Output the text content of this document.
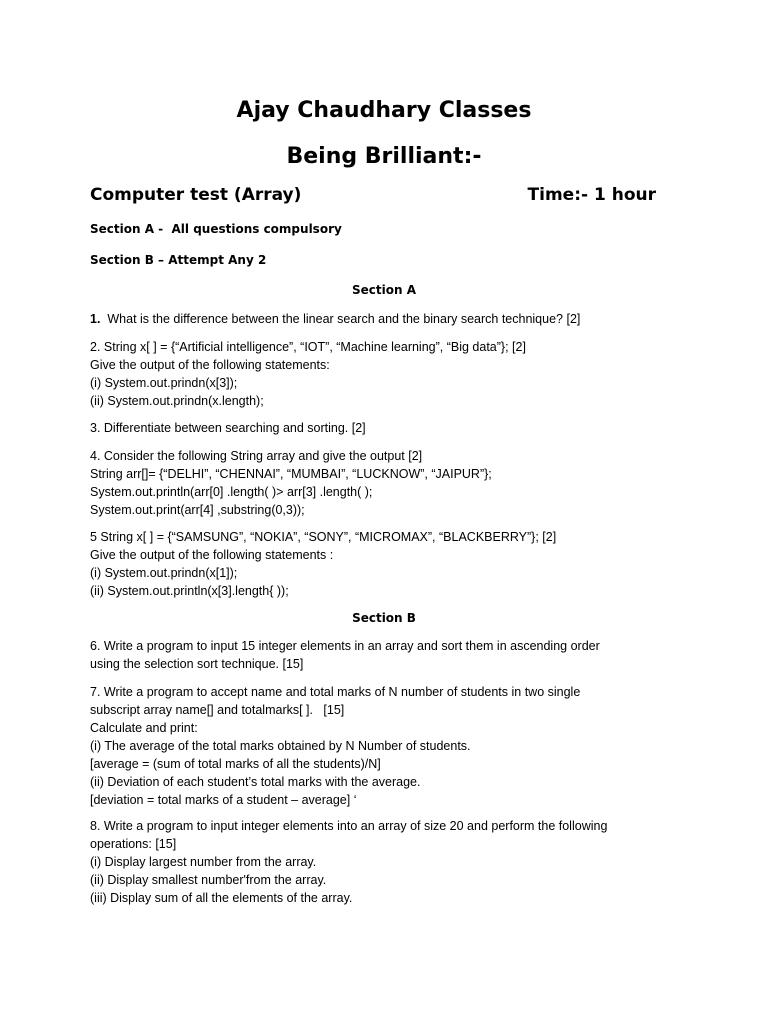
Ajay Chaudhary Classes
Being Brilliant:-
Computer test (Array)	Time:- 1 hour
Section A -  All questions compulsory
Section B – Attempt Any 2
Section A
1.  What is the difference between the linear search and the binary search technique? [2]
2. String x[ ] = {“Artificial intelligence”, “IOT”, “Machine learning”, “Big data”}; [2]
Give the output of the following statements:
(i) System.out.prindn(x[3]);
(ii) System.out.prindn(x.length);
3. Differentiate between searching and sorting. [2]
4. Consider the following String array and give the output [2]
String arr[]= {“DELHI”, “CHENNAI”, “MUMBAI”, “LUCKNOW”, “JAIPUR”};
System.out.println(arr[0] .length( )> arr[3] .length( );
System.out.print(arr[4] ,substring(0,3));
5 String x[ ] = {“SAMSUNG”, “NOKIA”, “SONY”, “MICROMAX”, “BLACKBERRY”}; [2]
Give the output of the following statements :
(i) System.out.prindn(x[1]);
(ii) System.out.println(x[3].length{ ));
Section B
6. Write a program to input 15 integer elements in an array and sort them in ascending order
using the selection sort technique. [15]
7. Write a program to accept name and total marks of N number of students in two single
subscript array name[] and totalmarks[ ].   [15]
Calculate and print:
(i) The average of the total marks obtained by N Number of students.
[average = (sum of total marks of all the students)/N]
(ii) Deviation of each student’s total marks with the average.
[deviation = total marks of a student – average] ‘
8. Write a program to input integer elements into an array of size 20 and perform the following
operations: [15]
(i) Display largest number from the array.
(ii) Display smallest number'from the array.
(iii) Display sum of all the elements of the array.
